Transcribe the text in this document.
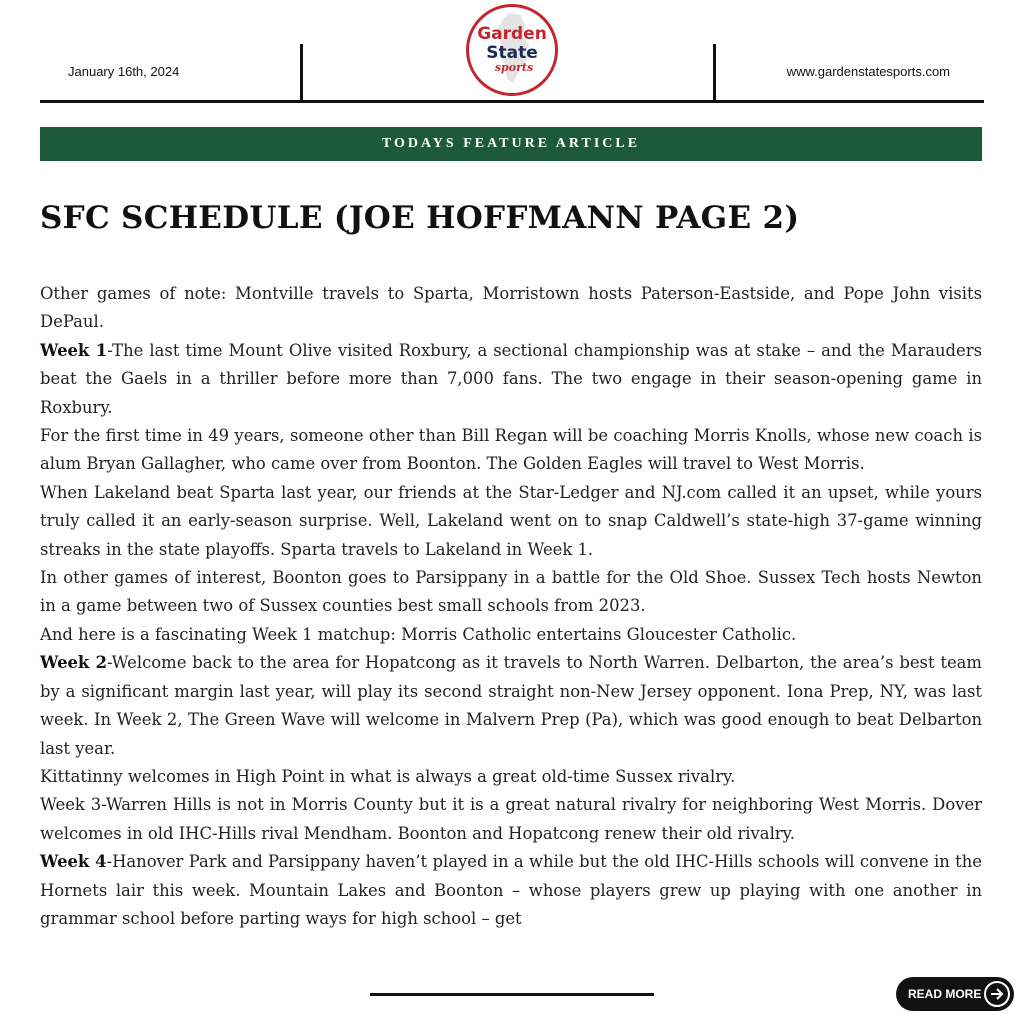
January 16th, 2024
Garden
State
sports	www.gardenstatesports.com
TODAYS FEATURE ARTICLE
SFC SCHEDULE (JOE HOFFMANN PAGE 2)

Other games of note: Montville travels to Sparta, Morristown hosts Paterson-Eastside, and Pope John visits DePaul.

Week 1-The last time Mount Olive visited Roxbury, a sectional championship was at stake – and the Marauders beat the Gaels in a thriller before more than 7,000 fans. The two engage in their season-opening game in Roxbury.

For the first time in 49 years, someone other than Bill Regan will be coaching Morris Knolls, whose new coach is alum Bryan Gallagher, who came over from Boonton. The Golden Eagles will travel to West Morris.

When Lakeland beat Sparta last year, our friends at the Star-Ledger and NJ.com called it an upset, while yours truly called it an early-season surprise. Well, Lakeland went on to snap Caldwell’s state-high 37-game winning streaks in the state playoffs. Sparta travels to Lakeland in Week 1.

In other games of interest, Boonton goes to Parsippany in a battle for the Old Shoe. Sussex Tech hosts Newton in a game between two of Sussex counties best small schools from 2023.

And here is a fascinating Week 1 matchup: Morris Catholic entertains Gloucester Catholic.

Week 2-Welcome back to the area for Hopatcong as it travels to North Warren. Delbarton, the area’s best team by a significant margin last year, will play its second straight non-New Jersey opponent. Iona Prep, NY, was last week. In Week 2, The Green Wave will welcome in Malvern Prep (Pa), which was good enough to beat Delbarton last year.

Kittatinny welcomes in High Point in what is always a great old-time Sussex rivalry.

Week 3-Warren Hills is not in Morris County but it is a great natural rivalry for neighboring West Morris. Dover welcomes in old IHC-Hills rival Mendham. Boonton and Hopatcong renew their old rivalry.

Week 4-Hanover Park and Parsippany haven’t played in a while but the old IHC-Hills schools will convene in the Hornets lair this week. Mountain Lakes and Boonton – whose players grew up playing with one another in grammar school before parting ways for high school – get

READ MORE
